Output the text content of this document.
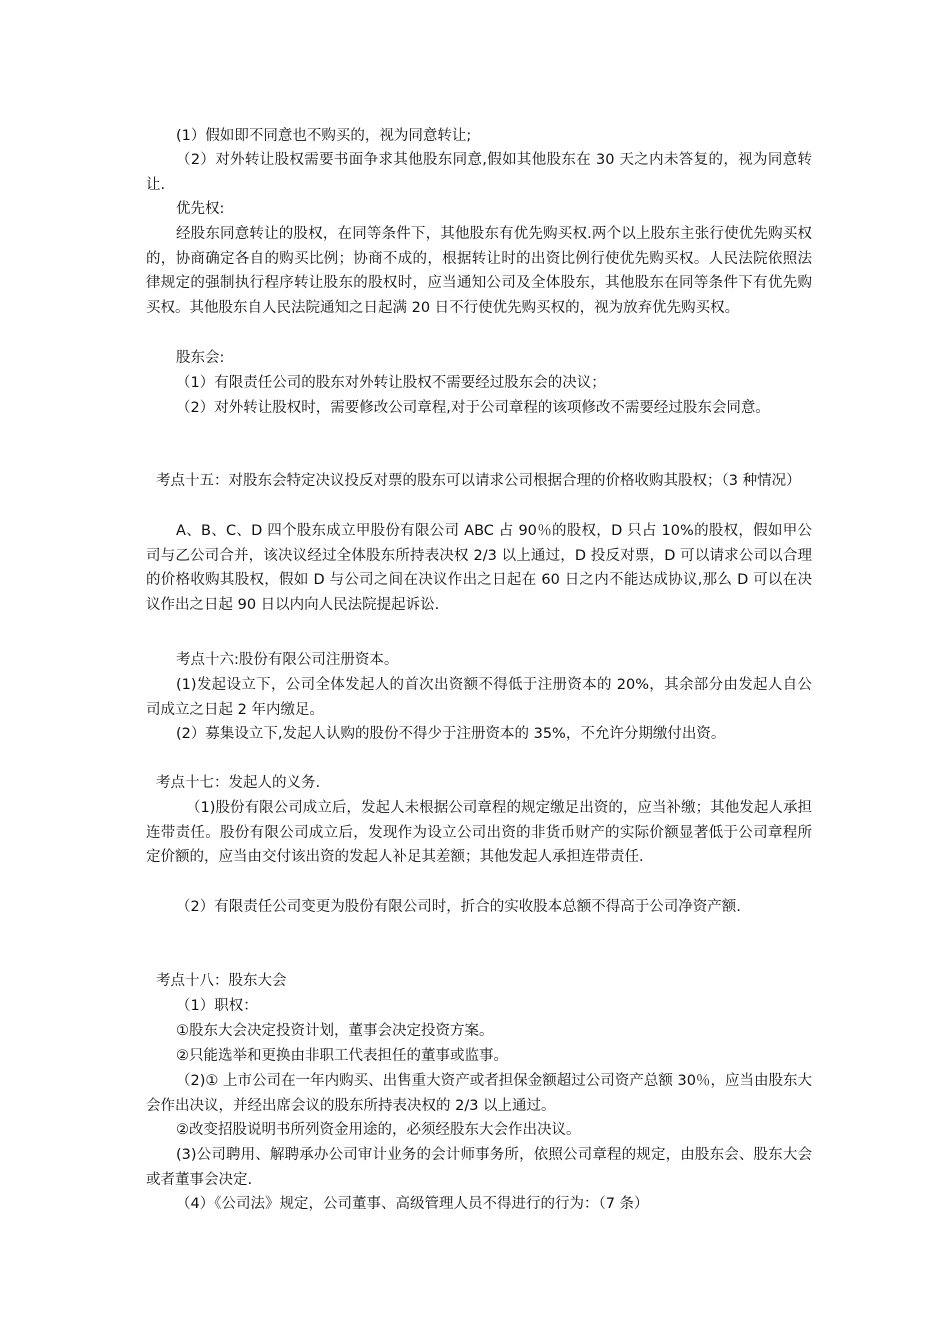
(1）假如即不同意也不购买的，视为同意转让;

（2）对外转让股权需要书面争求其他股东同意,假如其他股东在 30 天之内未答复的，视为同意转让.

优先权:

经股东同意转让的股权，在同等条件下，其他股东有优先购买权.两个以上股东主张行使优先购买权的，协商确定各自的购买比例；协商不成的，根据转让时的出资比例行使优先购买权。人民法院依照法律规定的强制执行程序转让股东的股权时，应当通知公司及全体股东，其他股东在同等条件下有优先购买权。其他股东自人民法院通知之日起满 20 日不行使优先购买权的，视为放弃优先购买权。

股东会:

（1）有限责任公司的股东对外转让股权不需要经过股东会的决议；

（2）对外转让股权时，需要修改公司章程,对于公司章程的该项修改不需要经过股东会同意。

考点十五：对股东会特定决议投反对票的股东可以请求公司根据合理的价格收购其股权；（3 种情况）

A、B、C、D 四个股东成立甲股份有限公司 ABC 占 90％的股权，D 只占 10%的股权，假如甲公司与乙公司合并，该决议经过全体股东所持表决权 2/3 以上通过，D 投反对票，D 可以请求公司以合理的价格收购其股权，假如 D 与公司之间在决议作出之日起在 60 日之内不能达成协议,那么 D 可以在决议作出之日起 90 日以内向人民法院提起诉讼.

考点十六:股份有限公司注册资本。

(1)发起设立下，公司全体发起人的首次出资额不得低于注册资本的 20%，其余部分由发起人自公司成立之日起 2 年内缴足。

(2）募集设立下,发起人认购的股份不得少于注册资本的 35%，不允许分期缴付出资。

考点十七：发起人的义务.

（1)股份有限公司成立后，发起人未根据公司章程的规定缴足出资的，应当补缴；其他发起人承担连带责任。股份有限公司成立后，发现作为设立公司出资的非货币财产的实际价额显著低于公司章程所定价额的，应当由交付该出资的发起人补足其差额；其他发起人承担连带责任.

（2）有限责任公司变更为股份有限公司时，折合的实收股本总额不得高于公司净资产额.

考点十八：股东大会

（1）职权：

①股东大会决定投资计划，董事会决定投资方案。

②只能选举和更换由非职工代表担任的董事或监事。

（2)① 上市公司在一年内购买、出售重大资产或者担保金额超过公司资产总额 30％，应当由股东大会作出决议，并经出席会议的股东所持表决权的 2/3 以上通过。

②改变招股说明书所列资金用途的，必须经股东大会作出决议。

(3)公司聘用、解聘承办公司审计业务的会计师事务所，依照公司章程的规定，由股东会、股东大会或者董事会决定.

（4）《公司法》规定，公司董事、高级管理人员不得进行的行为：（7 条）
